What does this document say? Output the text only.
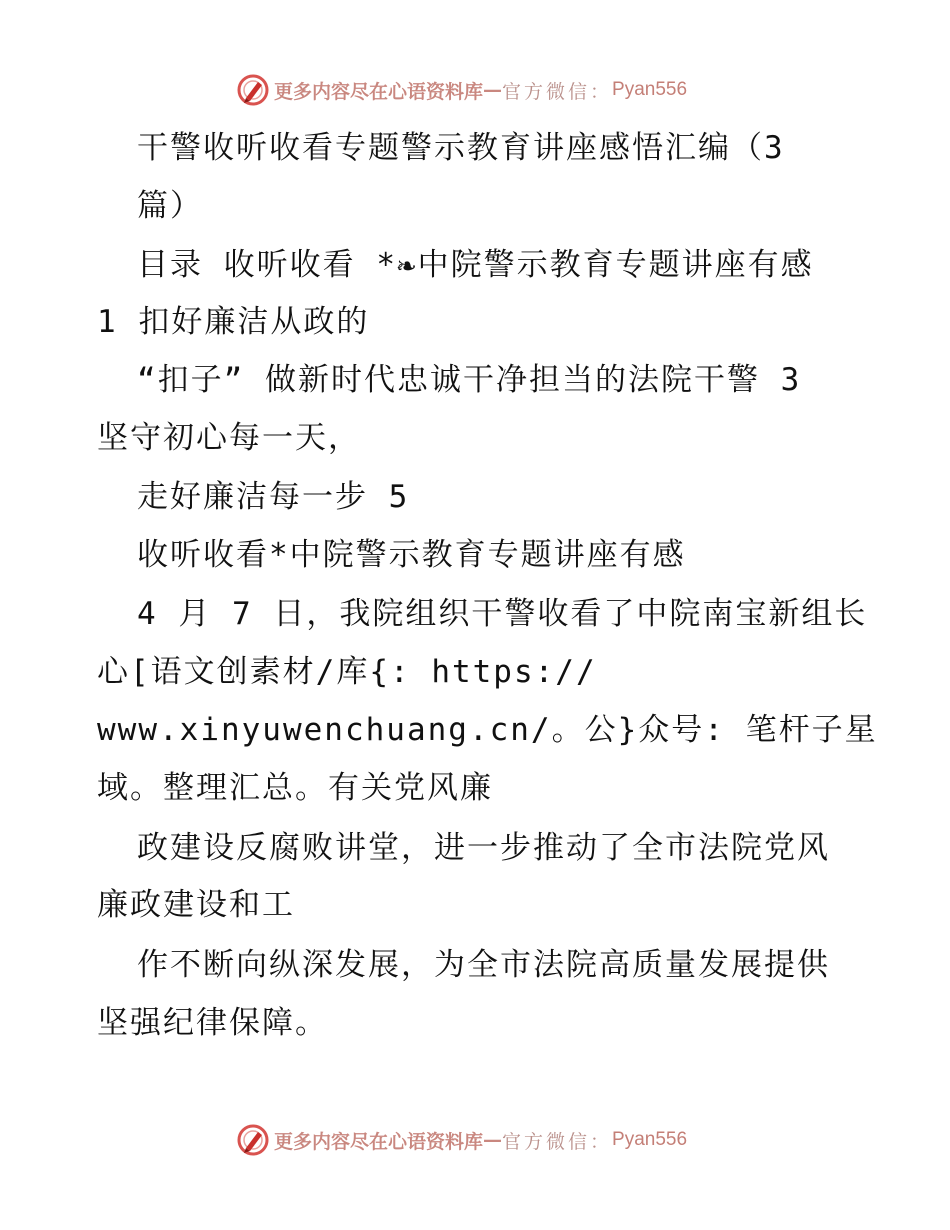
更多内容尽在心语资料库 — 官方微信： Pyan556
干警收听收看专题警示教育讲座感悟汇编（3
篇）
目录 收听收看 *❧中院警示教育专题讲座有感
1 扣好廉洁从政的
“扣子” 做新时代忠诚干净担当的法院干警 3
坚守初心每一天，
走好廉洁每一步 5
收听收看*中院警示教育专题讲座有感
4 月 7 日，我院组织干警收看了中院南宝新组长
心[语文创素材/库{: https://
www.xinyuwenchuang.cn/。公}众号: 笔杆子星
域。整理汇总。有关党风廉
政建设反腐败讲堂，进一步推动了全市法院党风
廉政建设和工
作不断向纵深发展，为全市法院高质量发展提供
坚强纪律保障。
更多内容尽在心语资料库 — 官方微信： Pyan556
